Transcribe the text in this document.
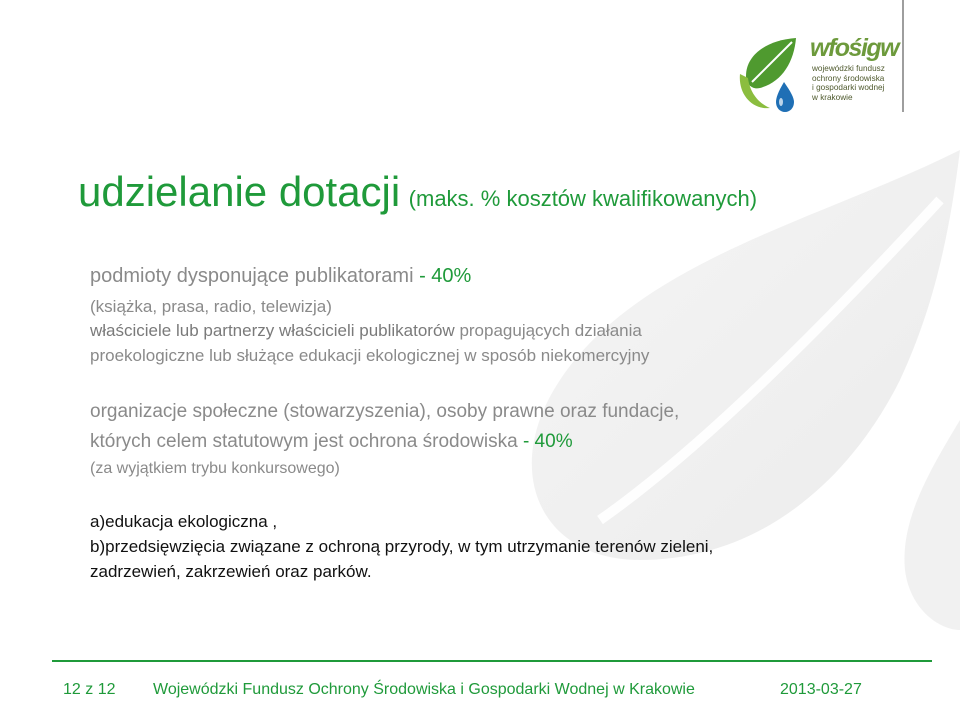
wfośigw
wojewódzki fundusz
ochrony środowiska
i gospodarki wodnej
w krakowie
udzielanie dotacji (maks. % kosztów kwalifikowanych)
podmioty dysponujące publikatorami - 40%
(książka, prasa, radio, telewizja)
właściciele lub partnerzy właścicieli publikatorów propagujących działania
proekologiczne lub służące edukacji ekologicznej w sposób niekomercyjny
organizacje społeczne (stowarzyszenia), osoby prawne oraz fundacje,
których celem statutowym jest ochrona środowiska - 40%
(za wyjątkiem trybu konkursowego)
a)edukacja ekologiczna ,
b)przedsięwzięcia związane z ochroną przyrody, w tym utrzymanie terenów zieleni,
zadrzewień, zakrzewień oraz parków.
12 z 12 Wojewódzki Fundusz Ochrony Środowiska i Gospodarki Wodnej w Krakowie	2013-03-27
